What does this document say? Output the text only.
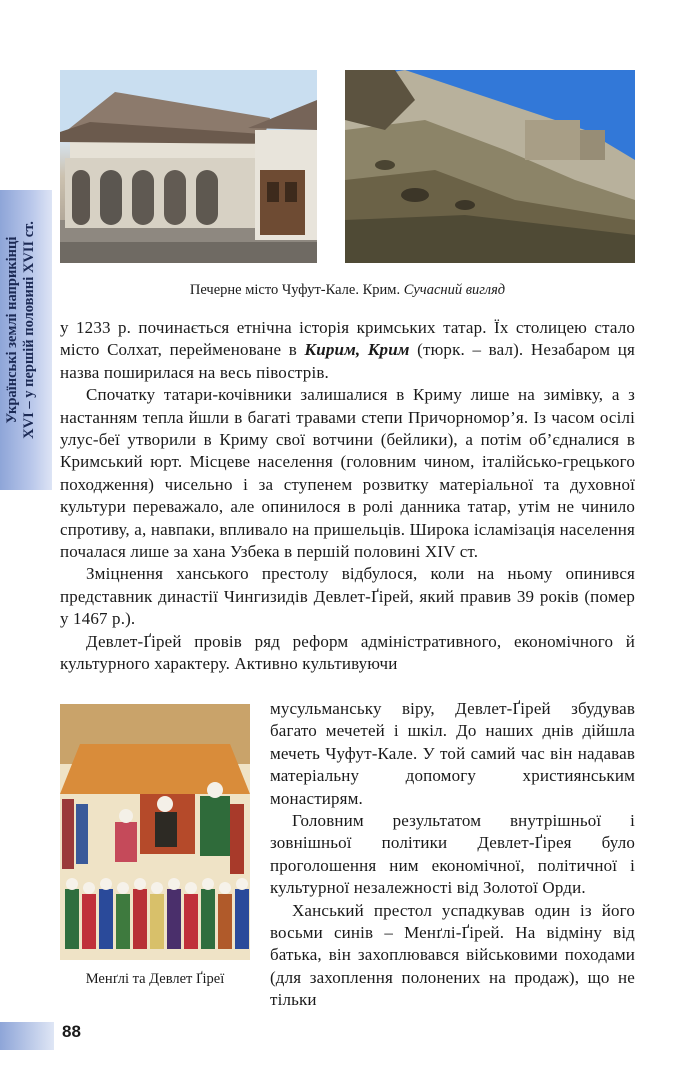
Українські землі наприкінці XVI – у першій половині XVII ст.	Печерне місто Чуфут-Кале. Крим. Сучасний вигляд

у 1233 р. починається етнічна історія кримських татар. Їх столицею стало місто Солхат, перейменоване в Кирим, Крим (тюрк. – вал). Незабаром ця назва поширилася на весь півострів.

Спочатку татари-кочівники залишалися в Криму лише на зимівку, а з настанням тепла йшли в багаті травами степи Причорномор’я. Із часом осілі улус-беї утворили в Криму свої вотчини (бейлики), а потім об’єдналися в Кримський юрт. Місцеве населення (головним чином, італійсько-грецького походження) чисельно і за ступенем розвитку матеріальної та духовної культури переважало, але опинилося в ролі данника татар, утім не чинило спротиву, а, навпаки, впливало на пришельців. Широка ісламізація населення почалася лише за хана Узбека в першій половині XIV ст.

Зміцнення ханського престолу відбулося, коли на ньому опинився представник династії Чингизидів Девлет-Ґірей, який правив 39 років (помер у 1467 р.).

Девлет-Ґірей провів ряд реформ адміністративного, економічного й культурного характеру. Активно культивуючи

мусульманську віру, Девлет-Ґірей збудував багато мечетей і шкіл. До наших днів дійшла мечеть Чуфут-Кале. У той самий час він надавав матеріальну допомогу християнським монастирям.

Головним результатом внутрішньої і зовнішньої політики Девлет-Ґірея було проголошення ним економічної, політичної і культурної незалежності від Золотої Орди.

Ханський престол успадкував один із його восьми синів – Менґлі-Ґірей. На відміну від батька, він захоплювався військовими походами (для захоплення полонених на продаж), що не тільки

Менґлі та Девлет Ґіреї
88
